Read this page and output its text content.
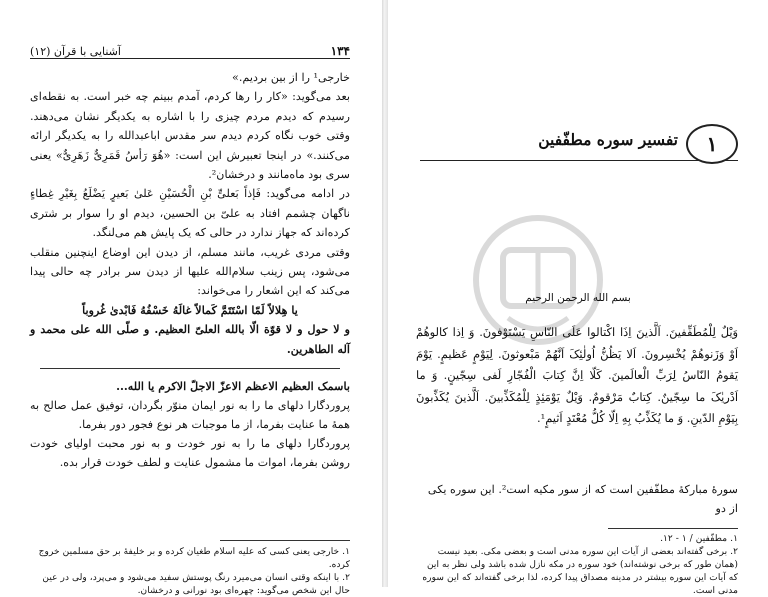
۱۳۴
آشنایی با قرآن (۱۲)

خارجی¹ را از بین بردیم.»

بعد می‌گوید: «کار را رها کردم، آمدم ببینم چه خبر است. به نقطه‌ای رسیدم که دیدم مردم چیزی را با اشاره به یکدیگر نشان می‌دهند. وقتی خوب نگاه کردم دیدم سر مقدس اباعبدالله را به یکدیگر ارائه می‌کنند.» در اینجا تعبیرش این است: «هُوَ رَأسُ قَمَرِیٌّ زَهَرِیٌّ» یعنی سری بود ماه‌مانند و درخشان².

در ادامه می‌گوید: فَإذاً بَعلیٍّ بْنِ الْحُسَیْنِ عَلیٰ بَعیرٍ یَضْلَعُ بِغَیْرِ غِطاءٍ ناگهان چشمم افتاد به علیّ بن الحسین، دیدم او را سوار بر شتری کرده‌اند که جهاز ندارد در حالی که یک پایش هم می‌لنگد.

وقتی مردی غریب، مانند مسلم، از دیدن این اوضاع اینچنین منقلب می‌شود، پس زینب سلام‌الله علیها از دیدن سر برادر چه حالی پیدا می‌کند که این اشعار را می‌خواند:

یا هِلالاً لَمّا اسْتَتَمَّ کَمالاً غالَهُ خَسْفُهُ فَابْدیٰ غُروباً

و لا حول و لا قوّة الّا بالله العلیّ العظیم. و صلّی الله علی محمد و آله الطاهرین.

باسمک العظیم الاعظم الاعزّ الاجلّ الاکرم یا الله...

پروردگارا دلهای ما را به نور ایمان منوّر بگردان، توفیق عمل صالح به همهٔ ما عنایت بفرما، از ما موجبات هر نوع فجور دور بفرما.

پروردگارا دلهای ما را به نور خودت و به نور محبت اولیای خودت روشن بفرما، اموات ما مشمول عنایت و لطف خودت قرار بده.

۱. خارجی یعنی کسی که علیه اسلام طغیان کرده و بر خلیفهٔ بر حق مسلمین خروج کرده.

۲. با اینکه وقتی انسان می‌میرد رنگ پوستش سفید می‌شود و می‌پرد، ولی در عین حال این شخص می‌گوید: چهره‌ای بود نورانی و درخشان.

۱
تفسیر سوره مطفّفین
بسم الله الرحمن الرحیم
وَیْلٌ لِلْمُطَفِّفینَ. اَلَّذینَ اِذَا اکْتالوا عَلَی النّاسِ یَسْتَوْفونَ. وَ اِذا کالوهُمْ اَوْ وَزَنوهُمْ یُخْسِرونَ. اَلا یَظُنُّ اُولٰئِکَ اَنَّهُمْ مَبْعوثونَ. لِیَوْمٍ عَظیمٍ. یَوْمَ یَقومُ النّاسُ لِرَبِّ الْعالَمینَ. کَلّا اِنَّ کِتابَ الْفُجّارِ لَفی سِجّینٍ. وَ ما اَدْریٰکَ ما سِجّینٌ. کِتابٌ مَرْقومٌ. وَیْلٌ یَوْمَئِذٍ لِلْمُکَذِّبینَ. اَلَّذینَ یُکَذِّبونَ بِیَوْمِ الدّینِ. وَ ما یُکَذِّبُ بِهِ اِلّا کُلُّ مُعْتَدٍ اَثیمٍ¹.
سورهٔ مبارکهٔ مطفّفین است که از سور مکیه است². این سوره یکی از دو

۱. مطفّفین / ۱ - ۱۲.

۲. برخی گفته‌اند بعضی از آیات این سوره مدنی است و بعضی مکی. بعید نیست (همان طور که برخی نوشته‌اند) خود سوره در مکه نازل شده باشد ولی نظر به این که آیات این سوره بیشتر در مدینه مصداق پیدا کرده، لذا برخی گفته‌اند که این سوره مدنی است.
